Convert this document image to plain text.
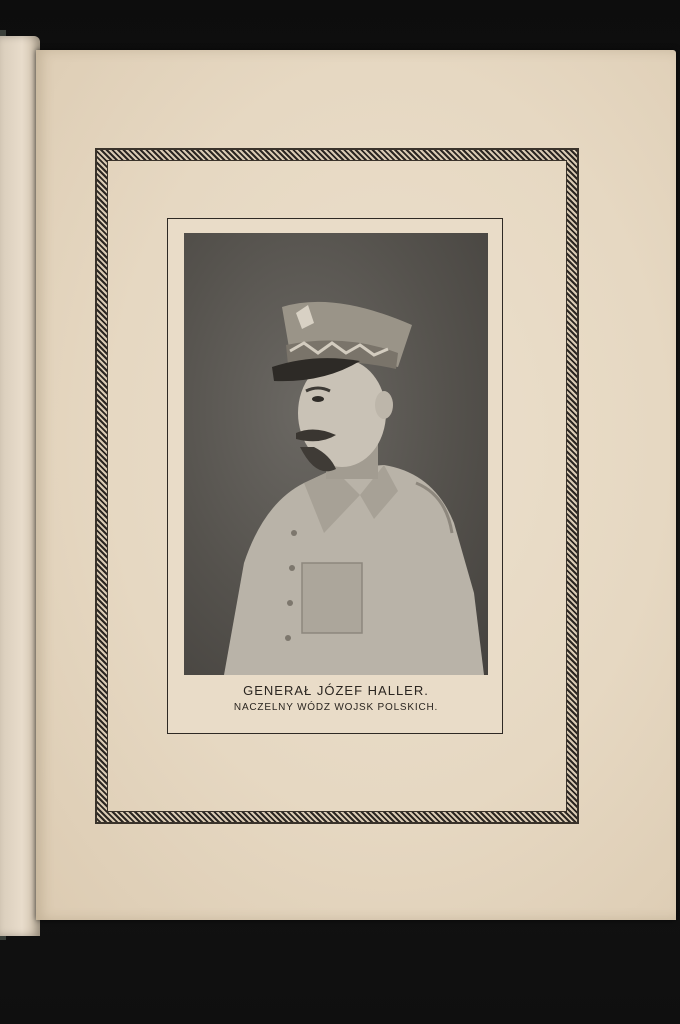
GENERAŁ JÓZEF HALLER.
NACZELNY WÓDZ WOJSK POLSKICH.
